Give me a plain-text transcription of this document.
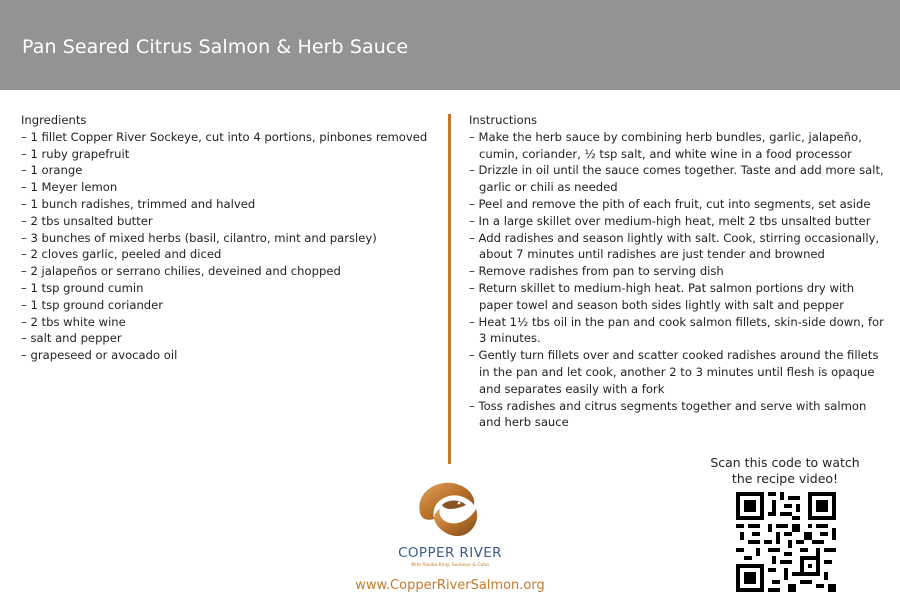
Pan Seared Citrus Salmon & Herb Sauce
Ingredients
– 1 fillet Copper River Sockeye, cut into 4 portions, pinbones removed
– 1 ruby grapefruit
– 1 orange
– 1 Meyer lemon
– 1 bunch radishes, trimmed and halved
– 2 tbs unsalted butter
– 3 bunches of mixed herbs (basil, cilantro, mint and parsley)
– 2 cloves garlic, peeled and diced
– 2 jalapeños or serrano chilies, deveined and chopped
– 1 tsp ground cumin
– 1 tsp ground coriander
– 2 tbs white wine
– salt and pepper
– grapeseed or avocado oil
Instructions
– Make the herb sauce by combining herb bundles, garlic, jalapeño, cumin, coriander, ½ tsp salt, and white wine in a food processor
– Drizzle in oil until the sauce comes together. Taste and add more salt, garlic or chili as needed
– Peel and remove the pith of each fruit, cut into segments, set aside
– In a large skillet over medium-high heat, melt 2 tbs unsalted butter
– Add radishes and season lightly with salt. Cook, stirring occasionally, about 7 minutes until radishes are just tender and browned
– Remove radishes from pan to serving dish
– Return skillet to medium-high heat. Pat salmon portions dry with paper towel and season both sides lightly with salt and pepper
– Heat 1½ tbs oil in the pan and cook salmon fillets, skin-side down, for 3 minutes.
– Gently turn fillets over and scatter cooked radishes around the fillets in the pan and let cook, another 2 to 3 minutes until flesh is opaque and separates easily with a fork
– Toss radishes and citrus segments together and serve with salmon and herb sauce
COPPER RIVER
Wild Alaska King, Sockeye & Coho
www.CopperRiverSalmon.org
Scan this code to watch
the recipe video!
